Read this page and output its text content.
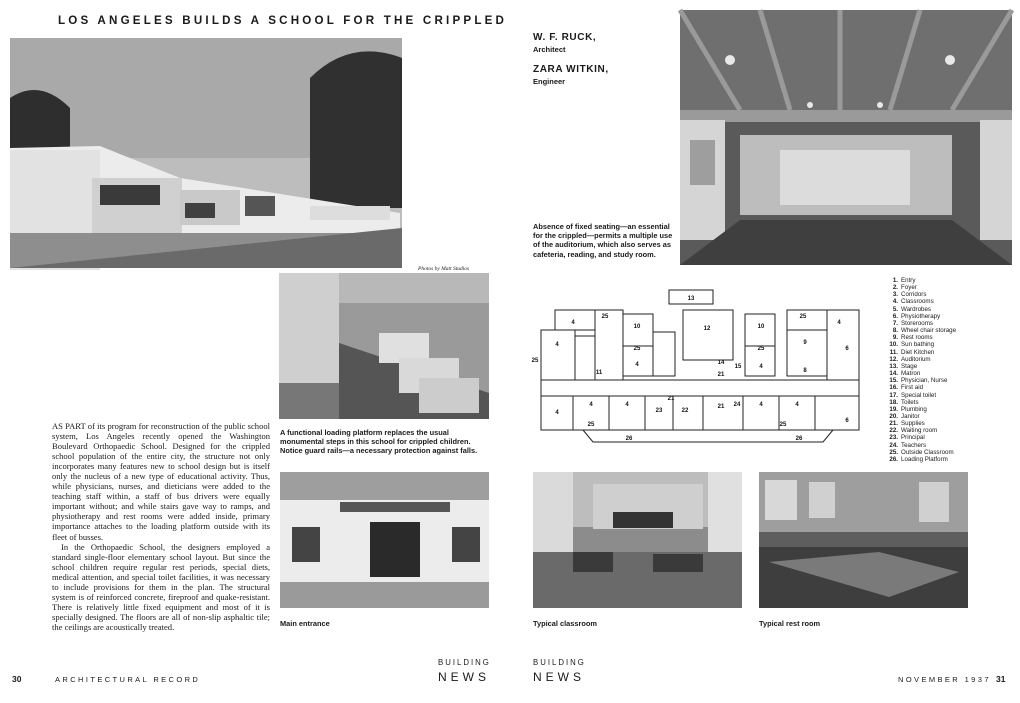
LOS ANGELES BUILDS A SCHOOL FOR THE CRIPPLED
Photos by Matt Studios

AS PART of its program for reconstruction of the public school system, Los Angeles recently opened the Washington Boulevard Orthopaedic School. Designed for the crippled school population of the entire city, the structure not only incorporates many features new to school design but is itself only the nucleus of a new type of educational activity. Thus, while physicians, nurses, and dieticians were added to the teaching staff within, a staff of bus drivers were equally important without; and while stairs gave way to ramps, and physiotherapy and rest rooms were added inside, primary importance attaches to the loading platform outside with its fleet of busses.

In the Orthopaedic School, the designers employed a standard single-floor elementary school layout. But since the school children require regular rest periods, special diets, medical attention, and special toilet facilities, it was necessary to include provisions for them in the plan. The structural system is of reinforced concrete, fireproof and quake-resistant. There is relatively little fixed equipment and most of it is specially designed. The floors are all of non-slip asphaltic tile; the ceilings are acoustically treated.

A functional loading platform replaces the usual monumental steps in this school for crippled children. Notice guard rails—a necessary protection against falls.
Main entrance
W. F. RUCK,
Architect
ZARA WITKIN,
Engineer
Absence of fixed seating—an essential for the crippled—permits a multiple use of the auditorium, which also serves as cafeteria, reading, and study room.
13
25
4
10	12	10
25
4
4
25	25
9
6
25	14
4	15	4
8
11	21
4	4
21
21 24	4	4
23	22
26
25	25
26
6
4
1. Entry
2. Foyer
3. Corridors
4. Classrooms
5. Wardrobes
6. Physiotherapy
7. Storerooms
8. Wheel chair storage
9. Rest rooms
10. Sun bathing
11. Diet Kitchen
12. Auditorium
13. Stage
14. Matron
15. Physician, Nurse
16. First aid
17. Special toilet
18. Toilets
19. Plumbing
20. Janitor
21. Supplies
22. Waiting room
23. Principal
24. Teachers
25. Outside Classroom
26. Loading Platform
Typical classroom	Typical rest room
30	ARCHITECTURAL RECORD
BUILDING
NEWS
BUILDING
NEWS	NOVEMBER 1937 31
